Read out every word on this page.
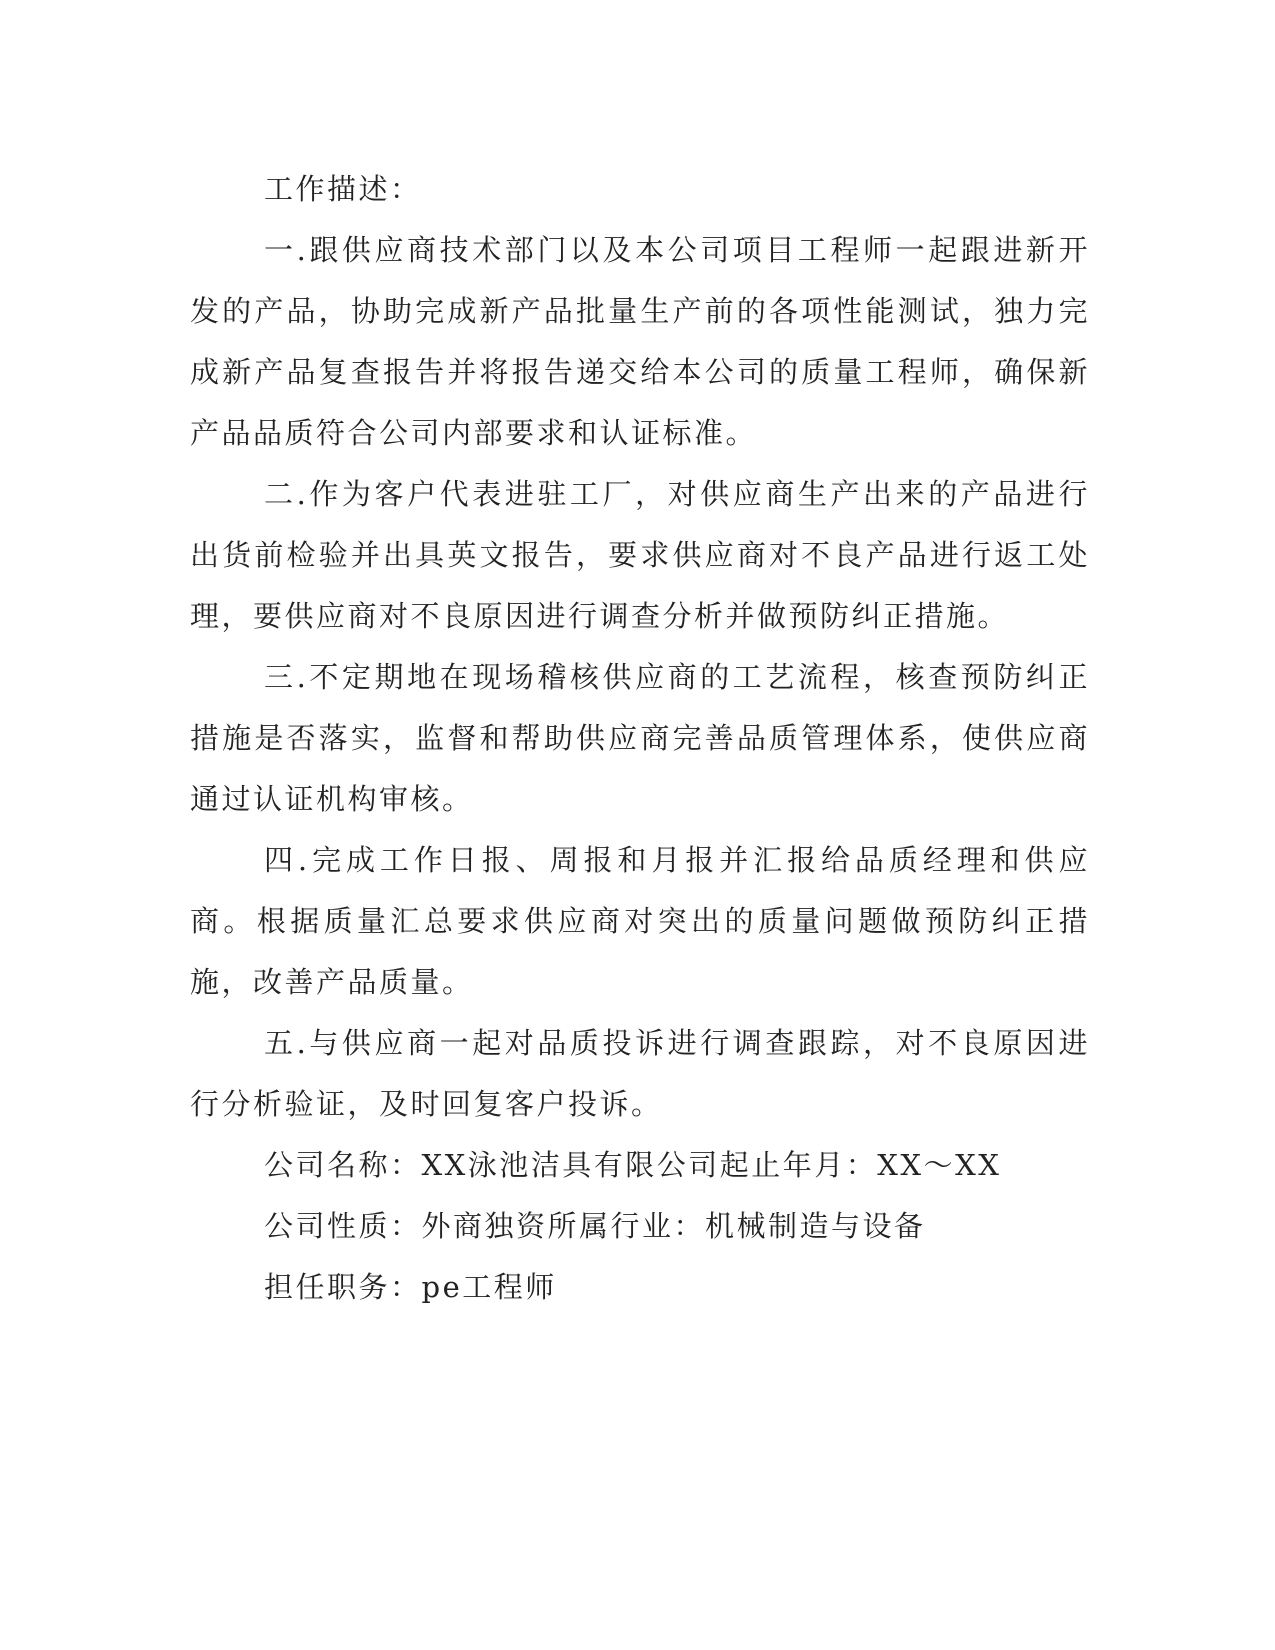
工作描述：

一.跟供应商技术部门以及本公司项目工程师一起跟进新开发的产品，协助完成新产品批量生产前的各项性能测试，独力完成新产品复查报告并将报告递交给本公司的质量工程师，确保新产品品质符合公司内部要求和认证标准。

二.作为客户代表进驻工厂，对供应商生产出来的产品进行出货前检验并出具英文报告，要求供应商对不良产品进行返工处理，要供应商对不良原因进行调查分析并做预防纠正措施。

三.不定期地在现场稽核供应商的工艺流程，核查预防纠正措施是否落实，监督和帮助供应商完善品质管理体系，使供应商通过认证机构审核。

四.完成工作日报、周报和月报并汇报给品质经理和供应商。根据质量汇总要求供应商对突出的质量问题做预防纠正措施，改善产品质量。

五.与供应商一起对品质投诉进行调查跟踪，对不良原因进行分析验证，及时回复客户投诉。

公司名称：XX泳池洁具有限公司起止年月：XX～XX

公司性质：外商独资所属行业：机械制造与设备

担任职务：pe工程师
